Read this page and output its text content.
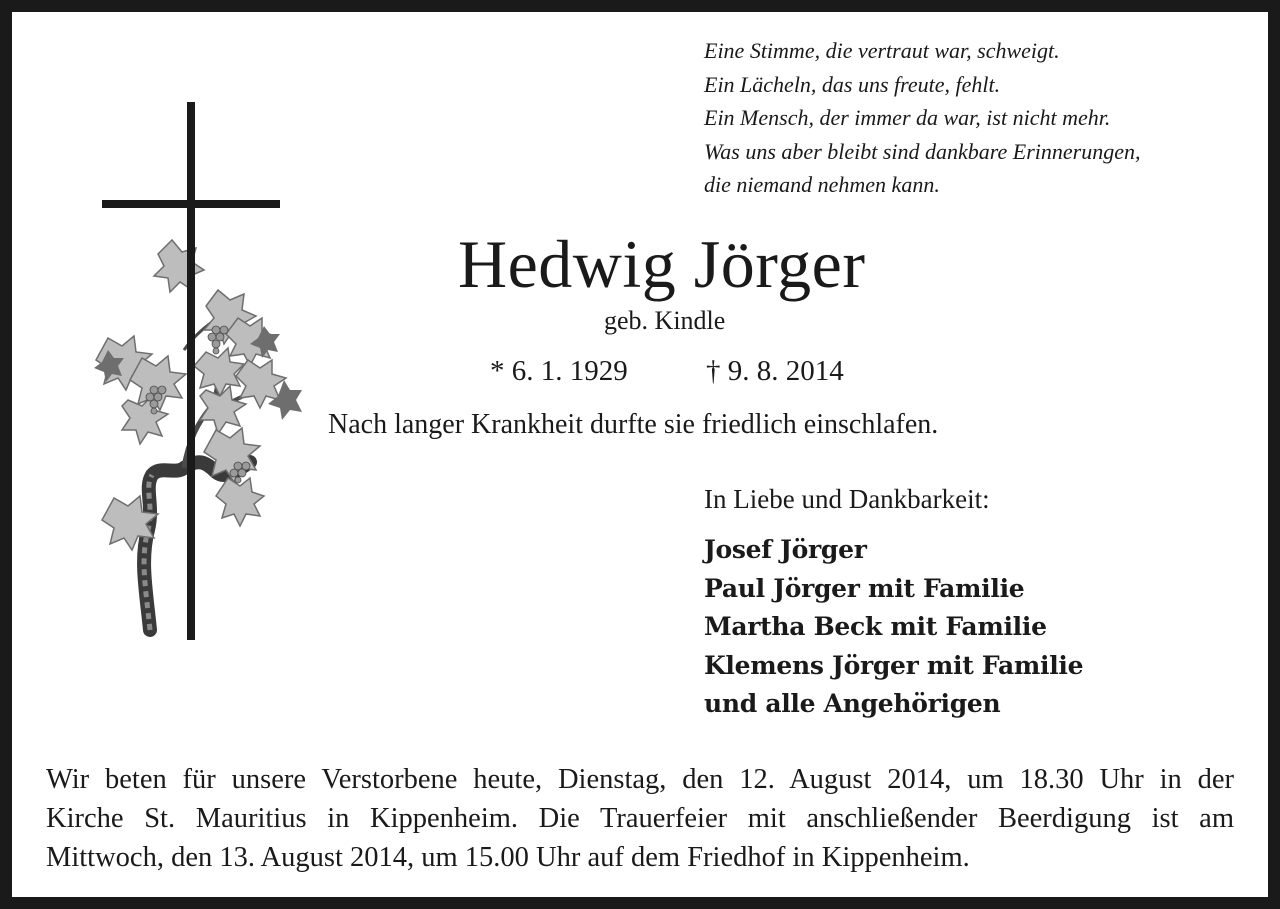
Eine Stimme, die vertraut war, schweigt.
Ein Lächeln, das uns freute, fehlt.
Ein Mensch, der immer da war, ist nicht mehr.
Was uns aber bleibt sind dankbare Erinnerungen,
die niemand nehmen kann.
Hedwig Jörger
geb. Kindle
* 6. 1. 1929	† 9. 8. 2014
Nach langer Krankheit durfte sie friedlich einschlafen.
In Liebe und Dankbarkeit:
Josef Jörger
Paul Jörger mit Familie
Martha Beck mit Familie
Klemens Jörger mit Familie
und alle Angehörigen
Wir beten für unsere Verstorbene heute, Dienstag, den 12. August 2014, um 18.30 Uhr in der
Kirche St. Mauritius in Kippenheim. Die Trauerfeier mit anschließender Beerdigung ist am
Mittwoch, den 13. August 2014, um 15.00 Uhr auf dem Friedhof in Kippenheim.
